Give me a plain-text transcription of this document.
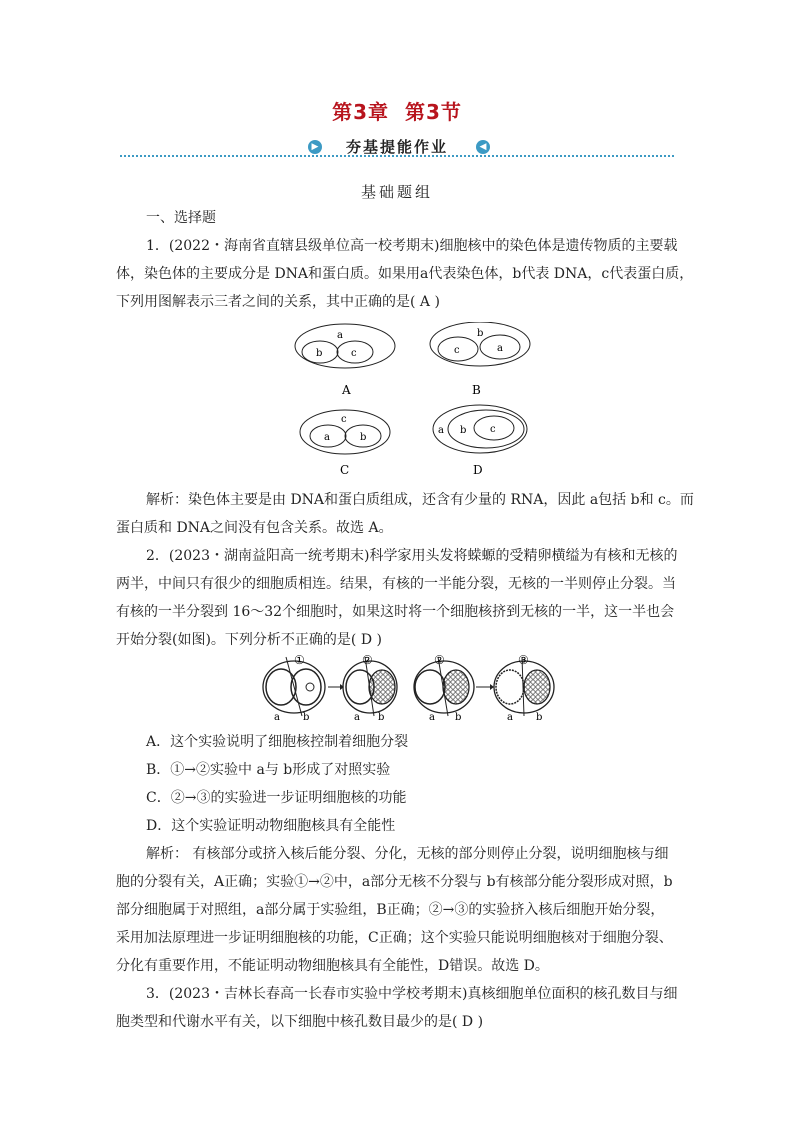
第3章 第3节
▶	◀
夯基提能作业
基础题组
一、选择题
1．(2022・海南省直辖县级单位高一校考期末)细胞核中的染色体是遗传物质的主要载
体，染色体的主要成分是 DNA和蛋白质。如果用a代表染色体，b代表 DNA，c代表蛋白质，
下列用图解表示三者之间的关系，其中正确的是( A )
a
b	c
A
b
c	a
B
c
a	b
C
a b c
D
解析：染色体主要是由 DNA和蛋白质组成，还含有少量的 RNA，因此 a包括 b和 c。而
蛋白质和 DNA之间没有包含关系。故选 A。
2．(2023・湖南益阳高一统考期末)科学家用头发将蝾螈的受精卵横缢为有核和无核的
两半，中间只有很少的细胞质相连。结果，有核的一半能分裂，无核的一半则停止分裂。当
有核的一半分裂到 16～32个细胞时，如果这时将一个细胞核挤到无核的一半，这一半也会
开始分裂(如图)。下列分析不正确的是( D )
①
a b
②
a b
②
a b
③
a b
A．这个实验说明了细胞核控制着细胞分裂
B．①→②实验中 a与 b形成了对照实验
C．②→③的实验进一步证明细胞核的功能
D．这个实验证明动物细胞核具有全能性
解析： 有核部分或挤入核后能分裂、分化，无核的部分则停止分裂，说明细胞核与细
胞的分裂有关，A正确；实验①→②中，a部分无核不分裂与 b有核部分能分裂形成对照，b
部分细胞属于对照组，a部分属于实验组，B正确；②→③的实验挤入核后细胞开始分裂，
采用加法原理进一步证明细胞核的功能，C正确；这个实验只能说明细胞核对于细胞分裂、
分化有重要作用，不能证明动物细胞核具有全能性，D错误。故选 D。
3．(2023・吉林长春高一长春市实验中学校考期末)真核细胞单位面积的核孔数目与细
胞类型和代谢水平有关，以下细胞中核孔数目最少的是( D )
